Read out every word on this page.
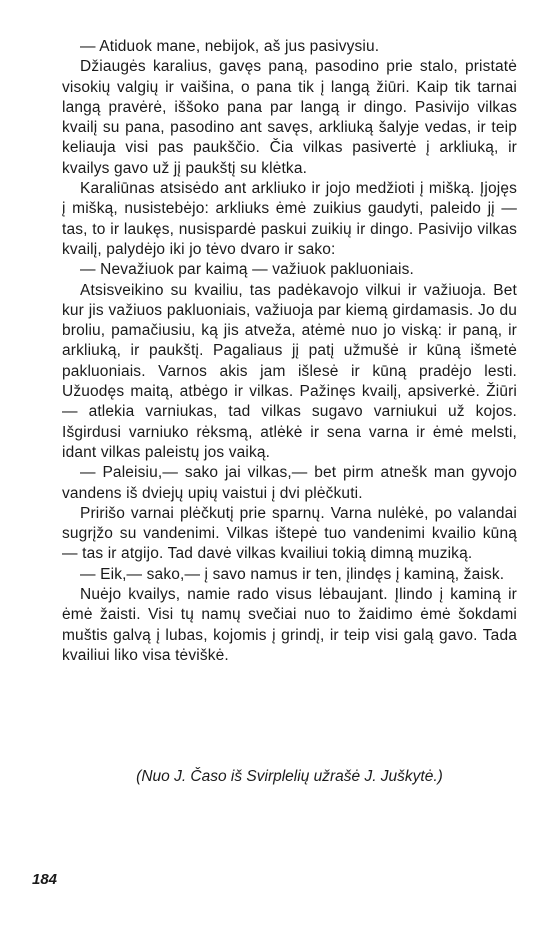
— Atiduok mane, nebijok, aš jus pasivysiu.

Džiaugės karalius, gavęs paną, pasodino prie stalo, pristatė visokių valgių ir vaišina, o pana tik į langą žiūri. Kaip tik tarnai langą pravėrė, iššoko pana par langą ir dingo. Pasivijo vilkas kvailį su pana, pasodino ant savęs, arkliuką šalyje vedas, ir teip keliauja visi pas paukščio. Čia vilkas pasivertė į arkliuką, ir kvailys gavo už jį paukštį su klėtka.

Karaliūnas atsisėdo ant arkliuko ir jojo medžioti į mišką. Įjojęs į mišką, nusistebėjo: arkliuks ėmė zuikius gaudyti, paleido jį — tas, to ir laukęs, nusispardė paskui zuikių ir dingo. Pasivijo vilkas kvailį, palydėjo iki jo tėvo dvaro ir sako:

— Nevažiuok par kaimą — važiuok pakluoniais.

Atsisveikino su kvailiu, tas padėkavojo vilkui ir važiuoja. Bet kur jis važiuos pakluoniais, važiuoja par kiemą girdamasis. Jo du broliu, pamačiusiu, ką jis atveža, atėmė nuo jo viską: ir paną, ir arkliuką, ir paukštį. Pagaliaus jį patį užmušė ir kūną išmetė pakluoniais. Varnos akis jam išlesė ir kūną pradėjo lesti. Užuodęs maitą, atbėgo ir vilkas. Pažinęs kvailį, apsiverkė. Žiūri — atlekia varniukas, tad vilkas sugavo varniukui už kojos. Išgirdusi varniuko rėksmą, atlėkė ir sena varna ir ėmė melsti, idant vilkas paleistų jos vaiką.

— Paleisiu,— sako jai vilkas,— bet pirm atnešk man gyvojo vandens iš dviejų upių vaistui į dvi plėčkuti.

Pririšo varnai plėčkutį prie sparnų. Varna nulėkė, po valandai sugrįžo su vandenimi. Vilkas ištepė tuo vandenimi kvailio kūną — tas ir atgijo. Tad davė vilkas kvailiui tokią dimną muziką.

— Eik,— sako,— į savo namus ir ten, įlindęs į kaminą, žaisk.

Nuėjo kvailys, namie rado visus lėbaujant. Įlindo į kaminą ir ėmė žaisti. Visi tų namų svečiai nuo to žaidimo ėmė šokdami muštis galvą į lubas, kojomis į grindį, ir teip visi galą gavo. Tada kvailiui liko visa tėviškė.

(Nuo J. Časo iš Svirplelių užrašė J. Juškytė.)
184
